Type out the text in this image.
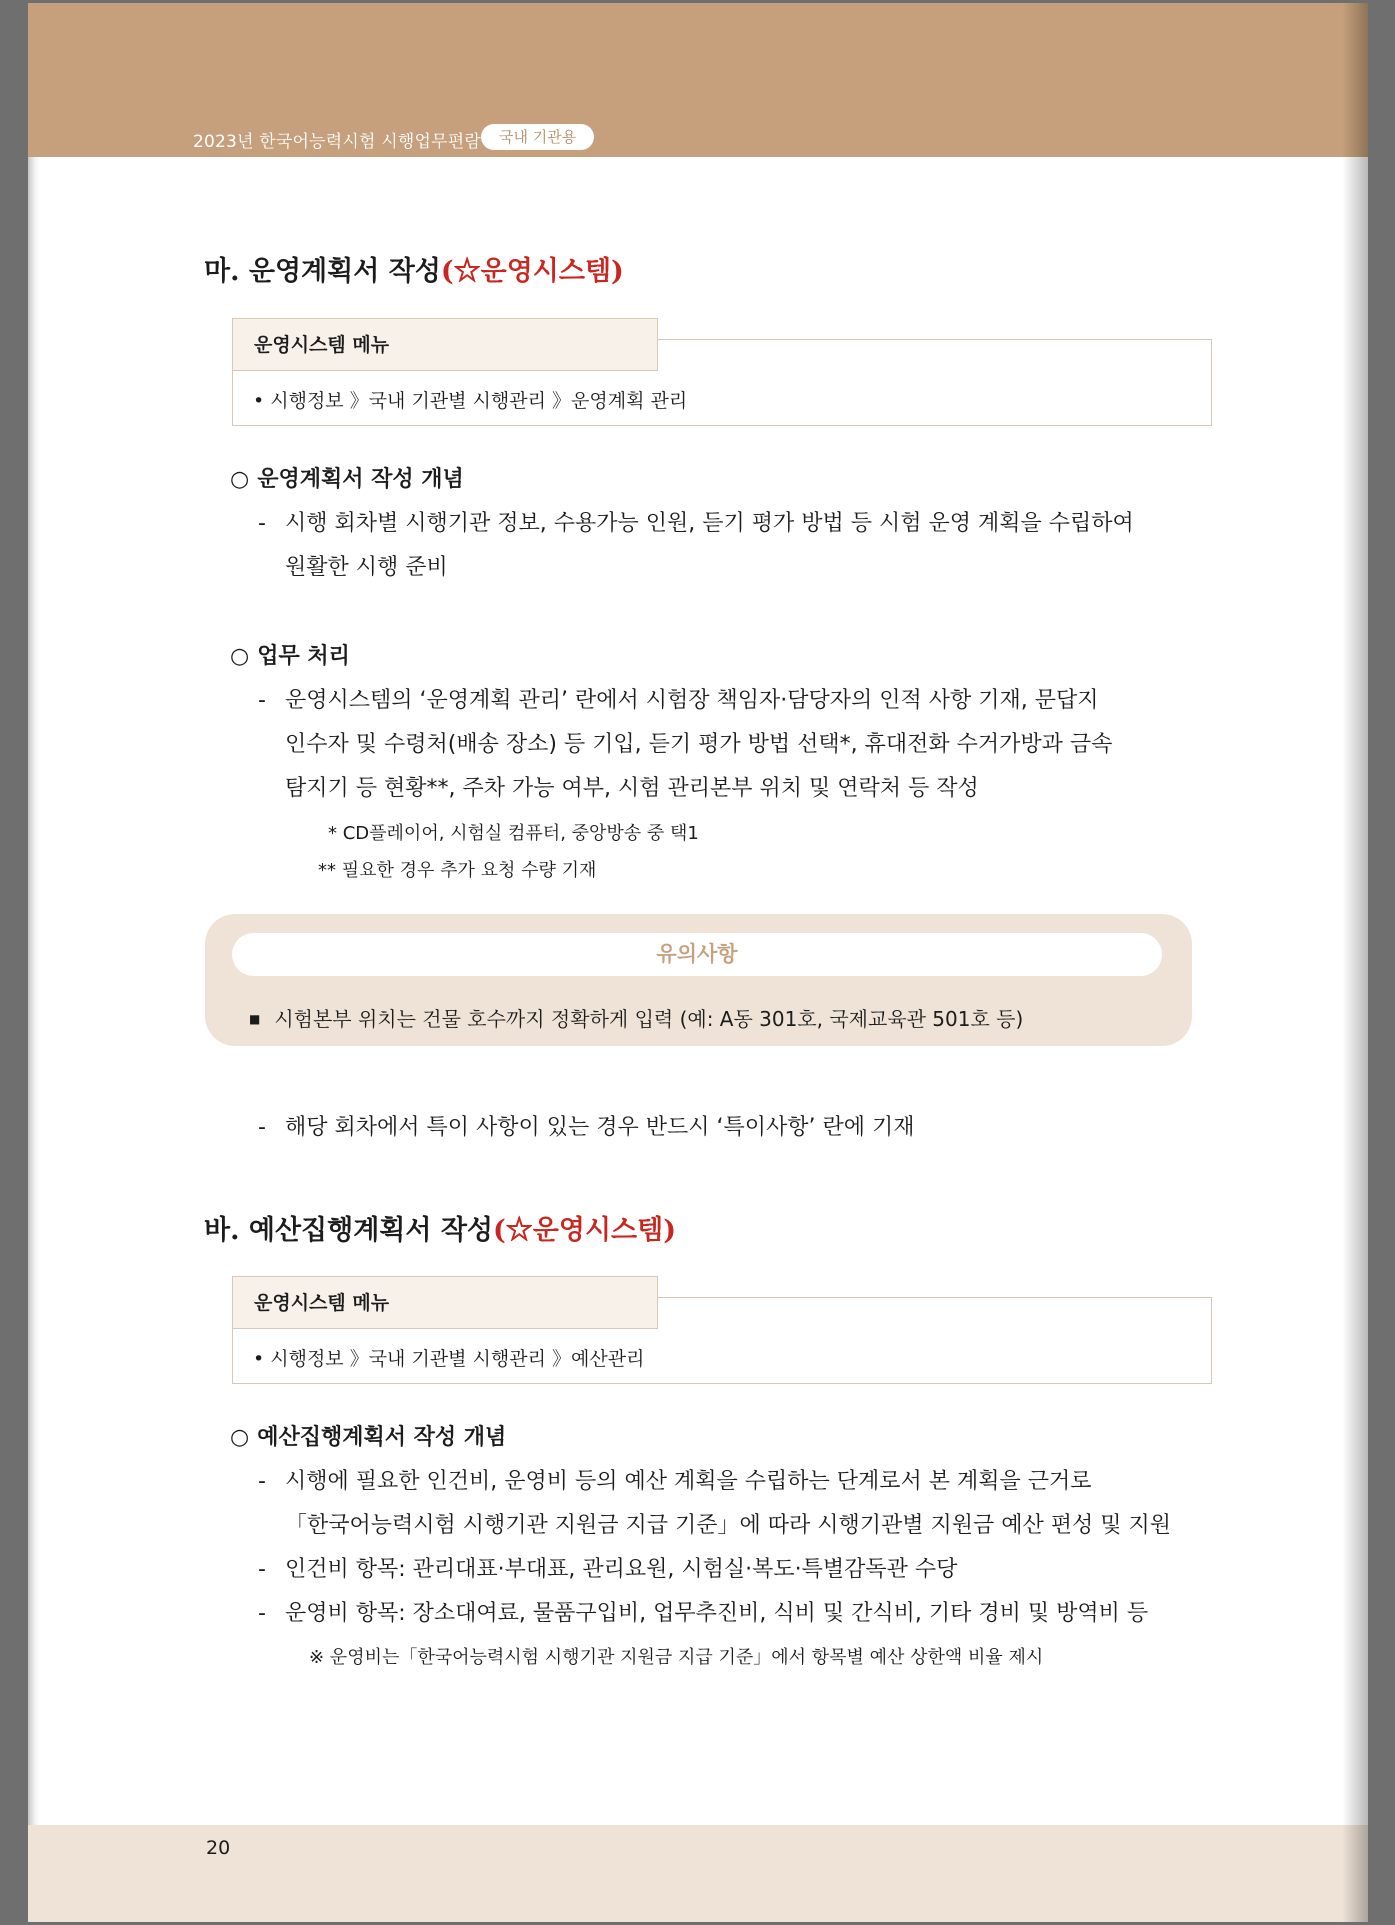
2023년 한국어능력시험 시행업무편람	국내 기관용
마. 운영계획서 작성(☆운영시스템)
운영시스템 메뉴
• 시행정보 》국내 기관별 시행관리 》운영계획 관리
○ 운영계획서 작성 개념
- 시행 회차별 시행기관 정보, 수용가능 인원, 듣기 평가 방법 등 시험 운영 계획을 수립하여
원활한 시행 준비
○ 업무 처리
- 운영시스템의 ‘운영계획 관리’ 란에서 시험장 책임자·담당자의 인적 사항 기재, 문답지
인수자 및 수령처(배송 장소) 등 기입, 듣기 평가 방법 선택*, 휴대전화 수거가방과 금속
탐지기 등 현황**, 주차 가능 여부, 시험 관리본부 위치 및 연락처 등 작성
* CD플레이어, 시험실 컴퓨터, 중앙방송 중 택1
** 필요한 경우 추가 요청 수량 기재
유의사항
■ 시험본부 위치는 건물 호수까지 정확하게 입력 (예: A동 301호, 국제교육관 501호 등)
- 해당 회차에서 특이 사항이 있는 경우 반드시 ‘특이사항’ 란에 기재
바. 예산집행계획서 작성(☆운영시스템)
운영시스템 메뉴
• 시행정보 》국내 기관별 시행관리 》예산관리
○ 예산집행계획서 작성 개념
- 시행에 필요한 인건비, 운영비 등의 예산 계획을 수립하는 단계로서 본 계획을 근거로
「한국어능력시험 시행기관 지원금 지급 기준」에 따라 시행기관별 지원금 예산 편성 및 지원
- 인건비 항목: 관리대표·부대표, 관리요원, 시험실·복도·특별감독관 수당
- 운영비 항목: 장소대여료, 물품구입비, 업무추진비, 식비 및 간식비, 기타 경비 및 방역비 등
※ 운영비는「한국어능력시험 시행기관 지원금 지급 기준」에서 항목별 예산 상한액 비율 제시
20
